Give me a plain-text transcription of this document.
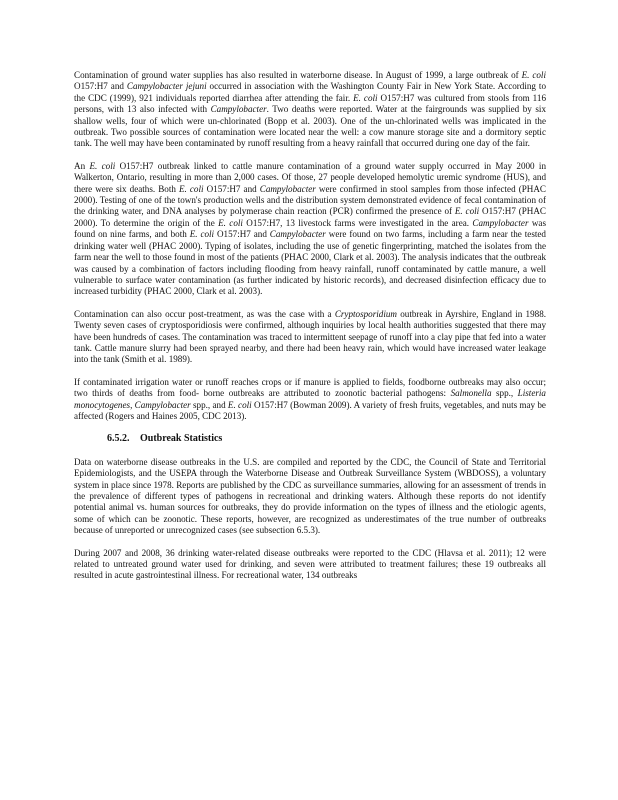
Contamination of ground water supplies has also resulted in waterborne disease. In August of 1999, a large outbreak of E. coli O157:H7 and Campylobacter jejuni occurred in association with the Washington County Fair in New York State. According to the CDC (1999), 921 individuals reported diarrhea after attending the fair. E. coli O157:H7 was cultured from stools from 116 persons, with 13 also infected with Campylobacter. Two deaths were reported. Water at the fairgrounds was supplied by six shallow wells, four of which were un-chlorinated (Bopp et al. 2003). One of the un-chlorinated wells was implicated in the outbreak. Two possible sources of contamination were located near the well: a cow manure storage site and a dormitory septic tank. The well may have been contaminated by runoff resulting from a heavy rainfall that occurred during one day of the fair.

An E. coli O157:H7 outbreak linked to cattle manure contamination of a ground water supply occurred in May 2000 in Walkerton, Ontario, resulting in more than 2,000 cases. Of those, 27 people developed hemolytic uremic syndrome (HUS), and there were six deaths. Both E. coli O157:H7 and Campylobacter were confirmed in stool samples from those infected (PHAC 2000). Testing of one of the town's production wells and the distribution system demonstrated evidence of fecal contamination of the drinking water, and DNA analyses by polymerase chain reaction (PCR) confirmed the presence of E. coli O157:H7 (PHAC 2000). To determine the origin of the E. coli O157:H7, 13 livestock farms were investigated in the area. Campylobacter was found on nine farms, and both E. coli O157:H7 and Campylobacter were found on two farms, including a farm near the tested drinking water well (PHAC 2000). Typing of isolates, including the use of genetic fingerprinting, matched the isolates from the farm near the well to those found in most of the patients (PHAC 2000, Clark et al. 2003). The analysis indicates that the outbreak was caused by a combination of factors including flooding from heavy rainfall, runoff contaminated by cattle manure, a well vulnerable to surface water contamination (as further indicated by historic records), and decreased disinfection efficacy due to increased turbidity (PHAC 2000, Clark et al. 2003).

Contamination can also occur post-treatment, as was the case with a Cryptosporidium outbreak in Ayrshire, England in 1988. Twenty seven cases of cryptosporidiosis were confirmed, although inquiries by local health authorities suggested that there may have been hundreds of cases. The contamination was traced to intermittent seepage of runoff into a clay pipe that fed into a water tank. Cattle manure slurry had been sprayed nearby, and there had been heavy rain, which would have increased water leakage into the tank (Smith et al. 1989).

If contaminated irrigation water or runoff reaches crops or if manure is applied to fields, foodborne outbreaks may also occur; two thirds of deaths from food- borne outbreaks are attributed to zoonotic bacterial pathogens: Salmonella spp., Listeria monocytogenes, Campylobacter spp., and E. coli O157:H7 (Bowman 2009). A variety of fresh fruits, vegetables, and nuts may be affected (Rogers and Haines 2005, CDC 2013).

6.5.2. Outbreak Statistics

Data on waterborne disease outbreaks in the U.S. are compiled and reported by the CDC, the Council of State and Territorial Epidemiologists, and the USEPA through the Waterborne Disease and Outbreak Surveillance System (WBDOSS), a voluntary system in place since 1978. Reports are published by the CDC as surveillance summaries, allowing for an assessment of trends in the prevalence of different types of pathogens in recreational and drinking waters. Although these reports do not identify potential animal vs. human sources for outbreaks, they do provide information on the types of illness and the etiologic agents, some of which can be zoonotic. These reports, however, are recognized as underestimates of the true number of outbreaks because of unreported or unrecognized cases (see subsection 6.5.3).

During 2007 and 2008, 36 drinking water-related disease outbreaks were reported to the CDC (Hlavsa et al. 2011); 12 were related to untreated ground water used for drinking, and seven were attributed to treatment failures; these 19 outbreaks all resulted in acute gastrointestinal illness. For recreational water, 134 outbreaks
